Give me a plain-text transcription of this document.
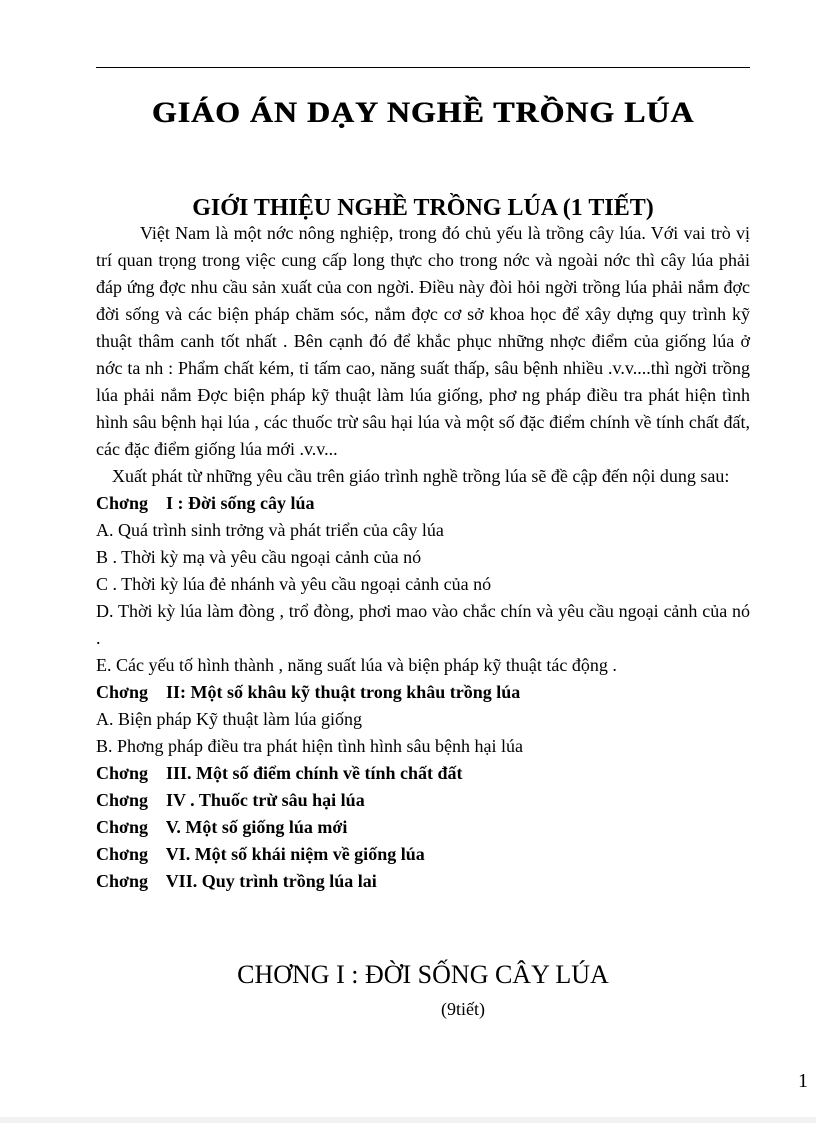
GIÁO ÁN DẠY NGHỀ TRỒNG LÚA
GIỚI THIỆU NGHỀ TRỒNG LÚA (1 TIẾT)

Việt Nam là một nớc nông nghiệp, trong đó chủ yếu là trồng cây lúa. Với vai trò vị trí quan trọng trong việc cung cấp long thực cho trong nớc và ngoài nớc thì cây lúa phải đáp ứng đợc nhu cầu sản xuất của con ngời. Điều này đòi hỏi ngời trồng lúa phải nắm đợc đời sống và các biện pháp chăm sóc, nắm đợc cơ sở khoa học để xây dựng quy trình kỹ thuật thâm canh tốt nhất . Bên cạnh đó để khắc phục những nhợc điểm của giống lúa ở nớc ta nh : Phẩm chất kém, tỉ tấm cao, năng suất thấp, sâu bệnh nhiều .v.v....thì ngời trồng lúa phải nắm Đợc biện pháp kỹ thuật làm lúa giống, phơ ng pháp điều tra phát hiện tình hình sâu bệnh hại lúa , các thuốc trừ sâu hại lúa và một số đặc điểm chính về tính chất đất, các đặc điểm giống lúa mới .v.v...

Xuất phát từ những yêu cầu trên giáo trình nghề trồng lúa sẽ đề cập đến nội dung sau:

Chơng I : Đời sống cây lúa
A. Quá trình sinh trởng và phát triển của cây lúa
B . Thời kỳ mạ và yêu cầu ngoại cảnh của nó
C . Thời kỳ lúa đẻ nhánh và yêu cầu ngoại cảnh của nó
D. Thời kỳ lúa làm đòng , trổ đòng, phơi mao vào chắc chín và yêu cầu ngoại cảnh của nó .
E. Các yếu tố hình thành , năng suất lúa và biện pháp kỹ thuật tác động .
Chơng II: Một số khâu kỹ thuật trong khâu trồng lúa
A. Biện pháp Kỹ thuật làm lúa giống
B. Phơng pháp điều tra phát hiện tình hình sâu bệnh hại lúa
Chơng III. Một số điểm chính về tính chất đất
Chơng IV . Thuốc trừ sâu hại lúa
Chơng V. Một số giống lúa mới
Chơng VI. Một số khái niệm về giống lúa
Chơng VII. Quy trình trồng lúa lai
CHƠNG I : ĐỜI SỐNG CÂY LÚA
(9tiết)
1
